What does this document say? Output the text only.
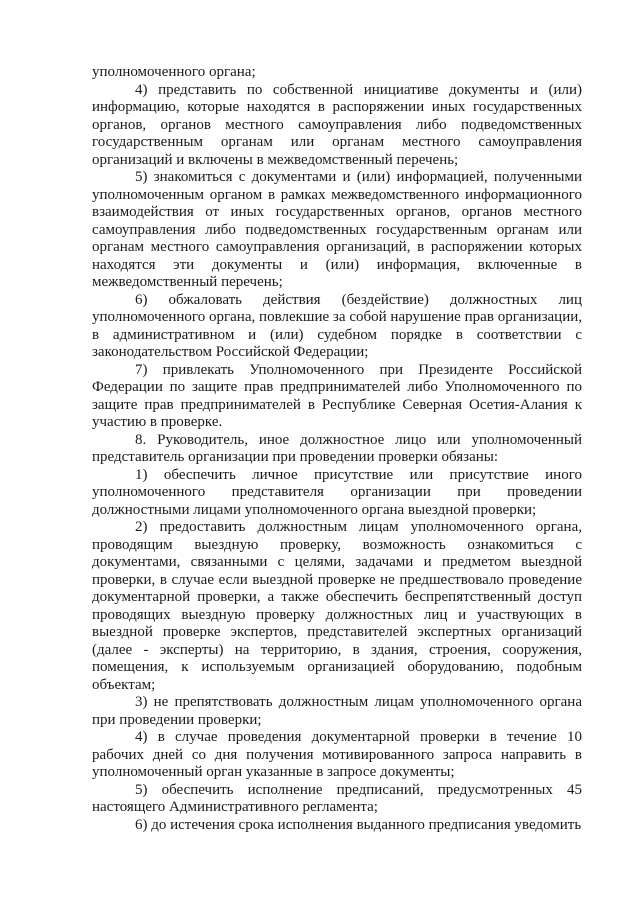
уполномоченного органа;

4) представить по собственной инициативе документы и (или) информацию, которые находятся в распоряжении иных государственных органов, органов местного самоуправления либо подведомственных государственным органам или органам местного самоуправления организаций и включены в межведомственный перечень;

5) знакомиться с документами и (или) информацией, полученными уполномоченным органом в рамках межведомственного информационного взаимодействия от иных государственных органов, органов местного самоуправления либо подведомственных государственным органам или органам местного самоуправления организаций, в распоряжении которых находятся эти документы и (или) информация, включенные в межведомственный перечень;

6) обжаловать действия (бездействие) должностных лиц уполномоченного органа, повлекшие за собой нарушение прав организации, в административном и (или) судебном порядке в соответствии с законодательством Российской Федерации;

7) привлекать Уполномоченного при Президенте Российской Федерации по защите прав предпринимателей либо Уполномоченного по защите прав предпринимателей в Республике Северная Осетия-Алания к участию в проверке.

8. Руководитель, иное должностное лицо или уполномоченный представитель организации при проведении проверки обязаны:

1) обеспечить личное присутствие или присутствие иного уполномоченного представителя организации при проведении должностными лицами уполномоченного органа выездной проверки;

2) предоставить должностным лицам уполномоченного органа, проводящим выездную проверку, возможность ознакомиться с документами, связанными с целями, задачами и предметом выездной проверки, в случае если выездной проверке не предшествовало проведение документарной проверки, а также обеспечить беспрепятственный доступ проводящих выездную проверку должностных лиц и участвующих в выездной проверке экспертов, представителей экспертных организаций (далее - эксперты) на территорию, в здания, строения, сооружения, помещения, к используемым организацией оборудованию, подобным объектам;

3) не препятствовать должностным лицам уполномоченного органа при проведении проверки;

4) в случае проведения документарной проверки в течение 10 рабочих дней со дня получения мотивированного запроса направить в уполномоченный орган указанные в запросе документы;

5) обеспечить исполнение предписаний, предусмотренных 45 настоящего Административного регламента;

6) до истечения срока исполнения выданного предписания уведомить
